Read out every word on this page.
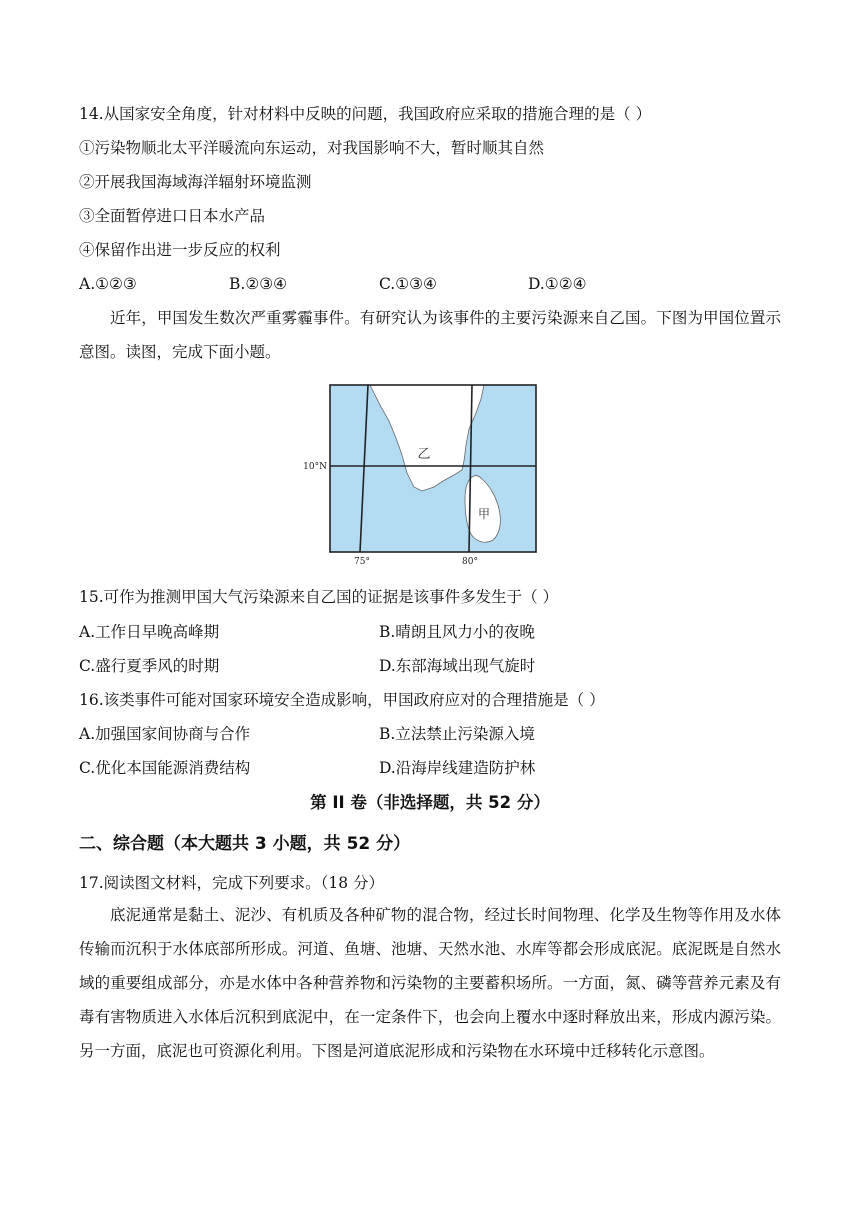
14.从国家安全角度，针对材料中反映的问题，我国政府应采取的措施合理的是（ ）
①污染物顺北太平洋暖流向东运动，对我国影响不大，暂时顺其自然
②开展我国海域海洋辐射环境监测
③全面暂停进口日本水产品
④保留作出进一步反应的权利
A.①②③	B.②③④	C.①③④	D.①②④
近年，甲国发生数次严重雾霾事件。有研究认为该事件的主要污染源来自乙国。下图为甲国位置示意图。读图，完成下面小题。
乙
甲
10°N
75°	80°
15.可作为推测甲国大气污染源来自乙国的证据是该事件多发生于（ ）
A.工作日早晚高峰期	B.晴朗且风力小的夜晚
C.盛行夏季风的时期	D.东部海域出现气旋时
16.该类事件可能对国家环境安全造成影响，甲国政府应对的合理措施是（ ）
A.加强国家间协商与合作	B.立法禁止污染源入境
C.优化本国能源消费结构	D.沿海岸线建造防护林
第 II 卷（非选择题，共 52 分）
二、综合题（本大题共 3 小题，共 52 分）
17.阅读图文材料，完成下列要求。（18 分）
底泥通常是黏土、泥沙、有机质及各种矿物的混合物，经过长时间物理、化学及生物等作用及水体传输而沉积于水体底部所形成。河道、鱼塘、池塘、天然水池、水库等都会形成底泥。底泥既是自然水域的重要组成部分，亦是水体中各种营养物和污染物的主要蓄积场所。一方面，氮、磷等营养元素及有毒有害物质进入水体后沉积到底泥中，在一定条件下，也会向上覆水中逐时释放出来，形成内源污染。另一方面，底泥也可资源化利用。下图是河道底泥形成和污染物在水环境中迁移转化示意图。
